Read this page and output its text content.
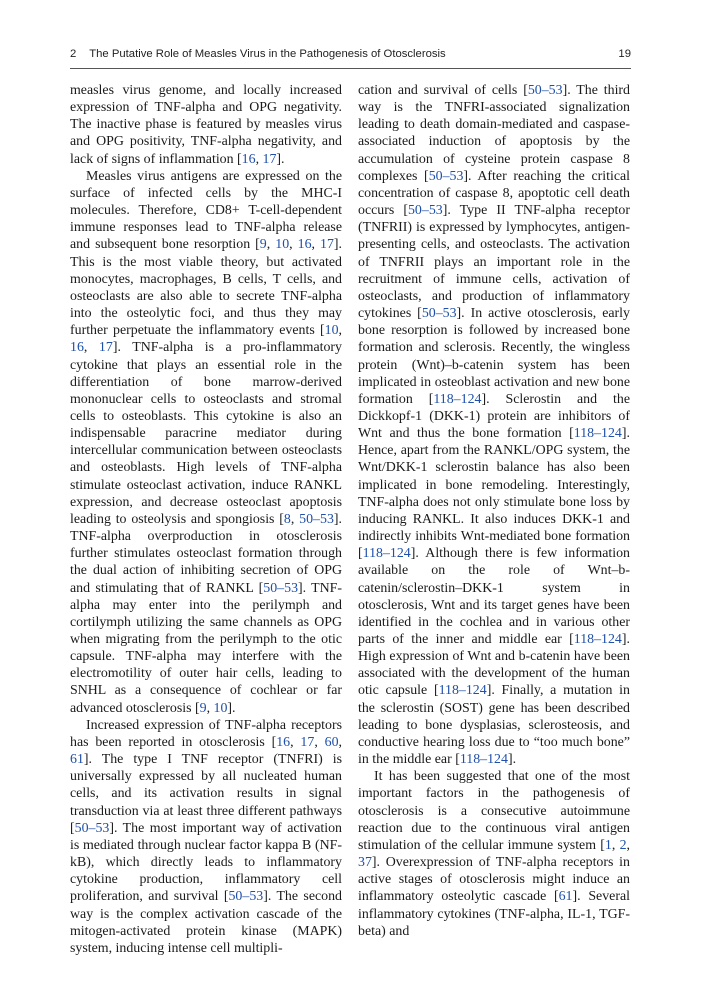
2 The Putative Role of Measles Virus in the Pathogenesis of Otosclerosis	19

measles virus genome, and locally increased expression of TNF-alpha and OPG negativity. The inactive phase is featured by measles virus and OPG positivity, TNF-alpha negativity, and lack of signs of inflammation [16, 17].

Measles virus antigens are expressed on the surface of infected cells by the MHC-I molecules. Therefore, CD8+ T-cell-dependent immune responses lead to TNF-alpha release and subsequent bone resorption [9, 10, 16, 17]. This is the most viable theory, but activated monocytes, macrophages, B cells, T cells, and osteoclasts are also able to secrete TNF-alpha into the osteolytic foci, and thus they may further perpetuate the inflammatory events [10, 16, 17]. TNF-alpha is a pro-inflammatory cytokine that plays an essential role in the differentiation of bone marrow-derived mononuclear cells to osteoclasts and stromal cells to osteoblasts. This cytokine is also an indispensable paracrine mediator during intercellular communication between osteoclasts and osteoblasts. High levels of TNF-alpha stimulate osteoclast activation, induce RANKL expression, and decrease osteoclast apoptosis leading to osteolysis and spongiosis [8, 50–53]. TNF-alpha overproduction in otosclerosis further stimulates osteoclast formation through the dual action of inhibiting secretion of OPG and stimulating that of RANKL [50–53]. TNF-alpha may enter into the perilymph and cortilymph utilizing the same channels as OPG when migrating from the perilymph to the otic capsule. TNF-alpha may interfere with the electromotility of outer hair cells, leading to SNHL as a consequence of cochlear or far advanced otosclerosis [9, 10].

Increased expression of TNF-alpha receptors has been reported in otosclerosis [16, 17, 60, 61]. The type I TNF receptor (TNFRI) is universally expressed by all nucleated human cells, and its activation results in signal transduction via at least three different pathways [50–53]. The most important way of activation is mediated through nuclear factor kappa B (NF-kB), which directly leads to inflammatory cytokine production, inflammatory cell proliferation, and survival [50–53]. The second way is the complex activation cascade of the mitogen-activated protein kinase (MAPK) system, inducing intense cell multipli-

cation and survival of cells [50–53]. The third way is the TNFRI-associated signalization leading to death domain-mediated and caspase-associated induction of apoptosis by the accumulation of cysteine protein caspase 8 complexes [50–53]. After reaching the critical concentration of caspase 8, apoptotic cell death occurs [50–53]. Type II TNF-alpha receptor (TNFRII) is expressed by lymphocytes, antigen-presenting cells, and osteoclasts. The activation of TNFRII plays an important role in the recruitment of immune cells, activation of osteoclasts, and production of inflammatory cytokines [50–53]. In active otosclerosis, early bone resorption is followed by increased bone formation and sclerosis. Recently, the wingless protein (Wnt)–b-catenin system has been implicated in osteoblast activation and new bone formation [118–124]. Sclerostin and the Dickkopf-1 (DKK-1) protein are inhibitors of Wnt and thus the bone formation [118–124]. Hence, apart from the RANKL/OPG system, the Wnt/DKK-1 sclerostin balance has also been implicated in bone remodeling. Interestingly, TNF-alpha does not only stimulate bone loss by inducing RANKL. It also induces DKK-1 and indirectly inhibits Wnt-mediated bone formation [118–124]. Although there is few information available on the role of Wnt–b-catenin/sclerostin–DKK-1 system in otosclerosis, Wnt and its target genes have been identified in the cochlea and in various other parts of the inner and middle ear [118–124]. High expression of Wnt and b-catenin have been associated with the development of the human otic capsule [118–124]. Finally, a mutation in the sclerostin (SOST) gene has been described leading to bone dysplasias, sclerosteosis, and conductive hearing loss due to “too much bone” in the middle ear [118–124].

It has been suggested that one of the most important factors in the pathogenesis of otosclerosis is a consecutive autoimmune reaction due to the continuous viral antigen stimulation of the cellular immune system [1, 2, 37]. Overexpression of TNF-alpha receptors in active stages of otosclerosis might induce an inflammatory osteolytic cascade [61]. Several inflammatory cytokines (TNF-alpha, IL-1, TGF-beta) and
